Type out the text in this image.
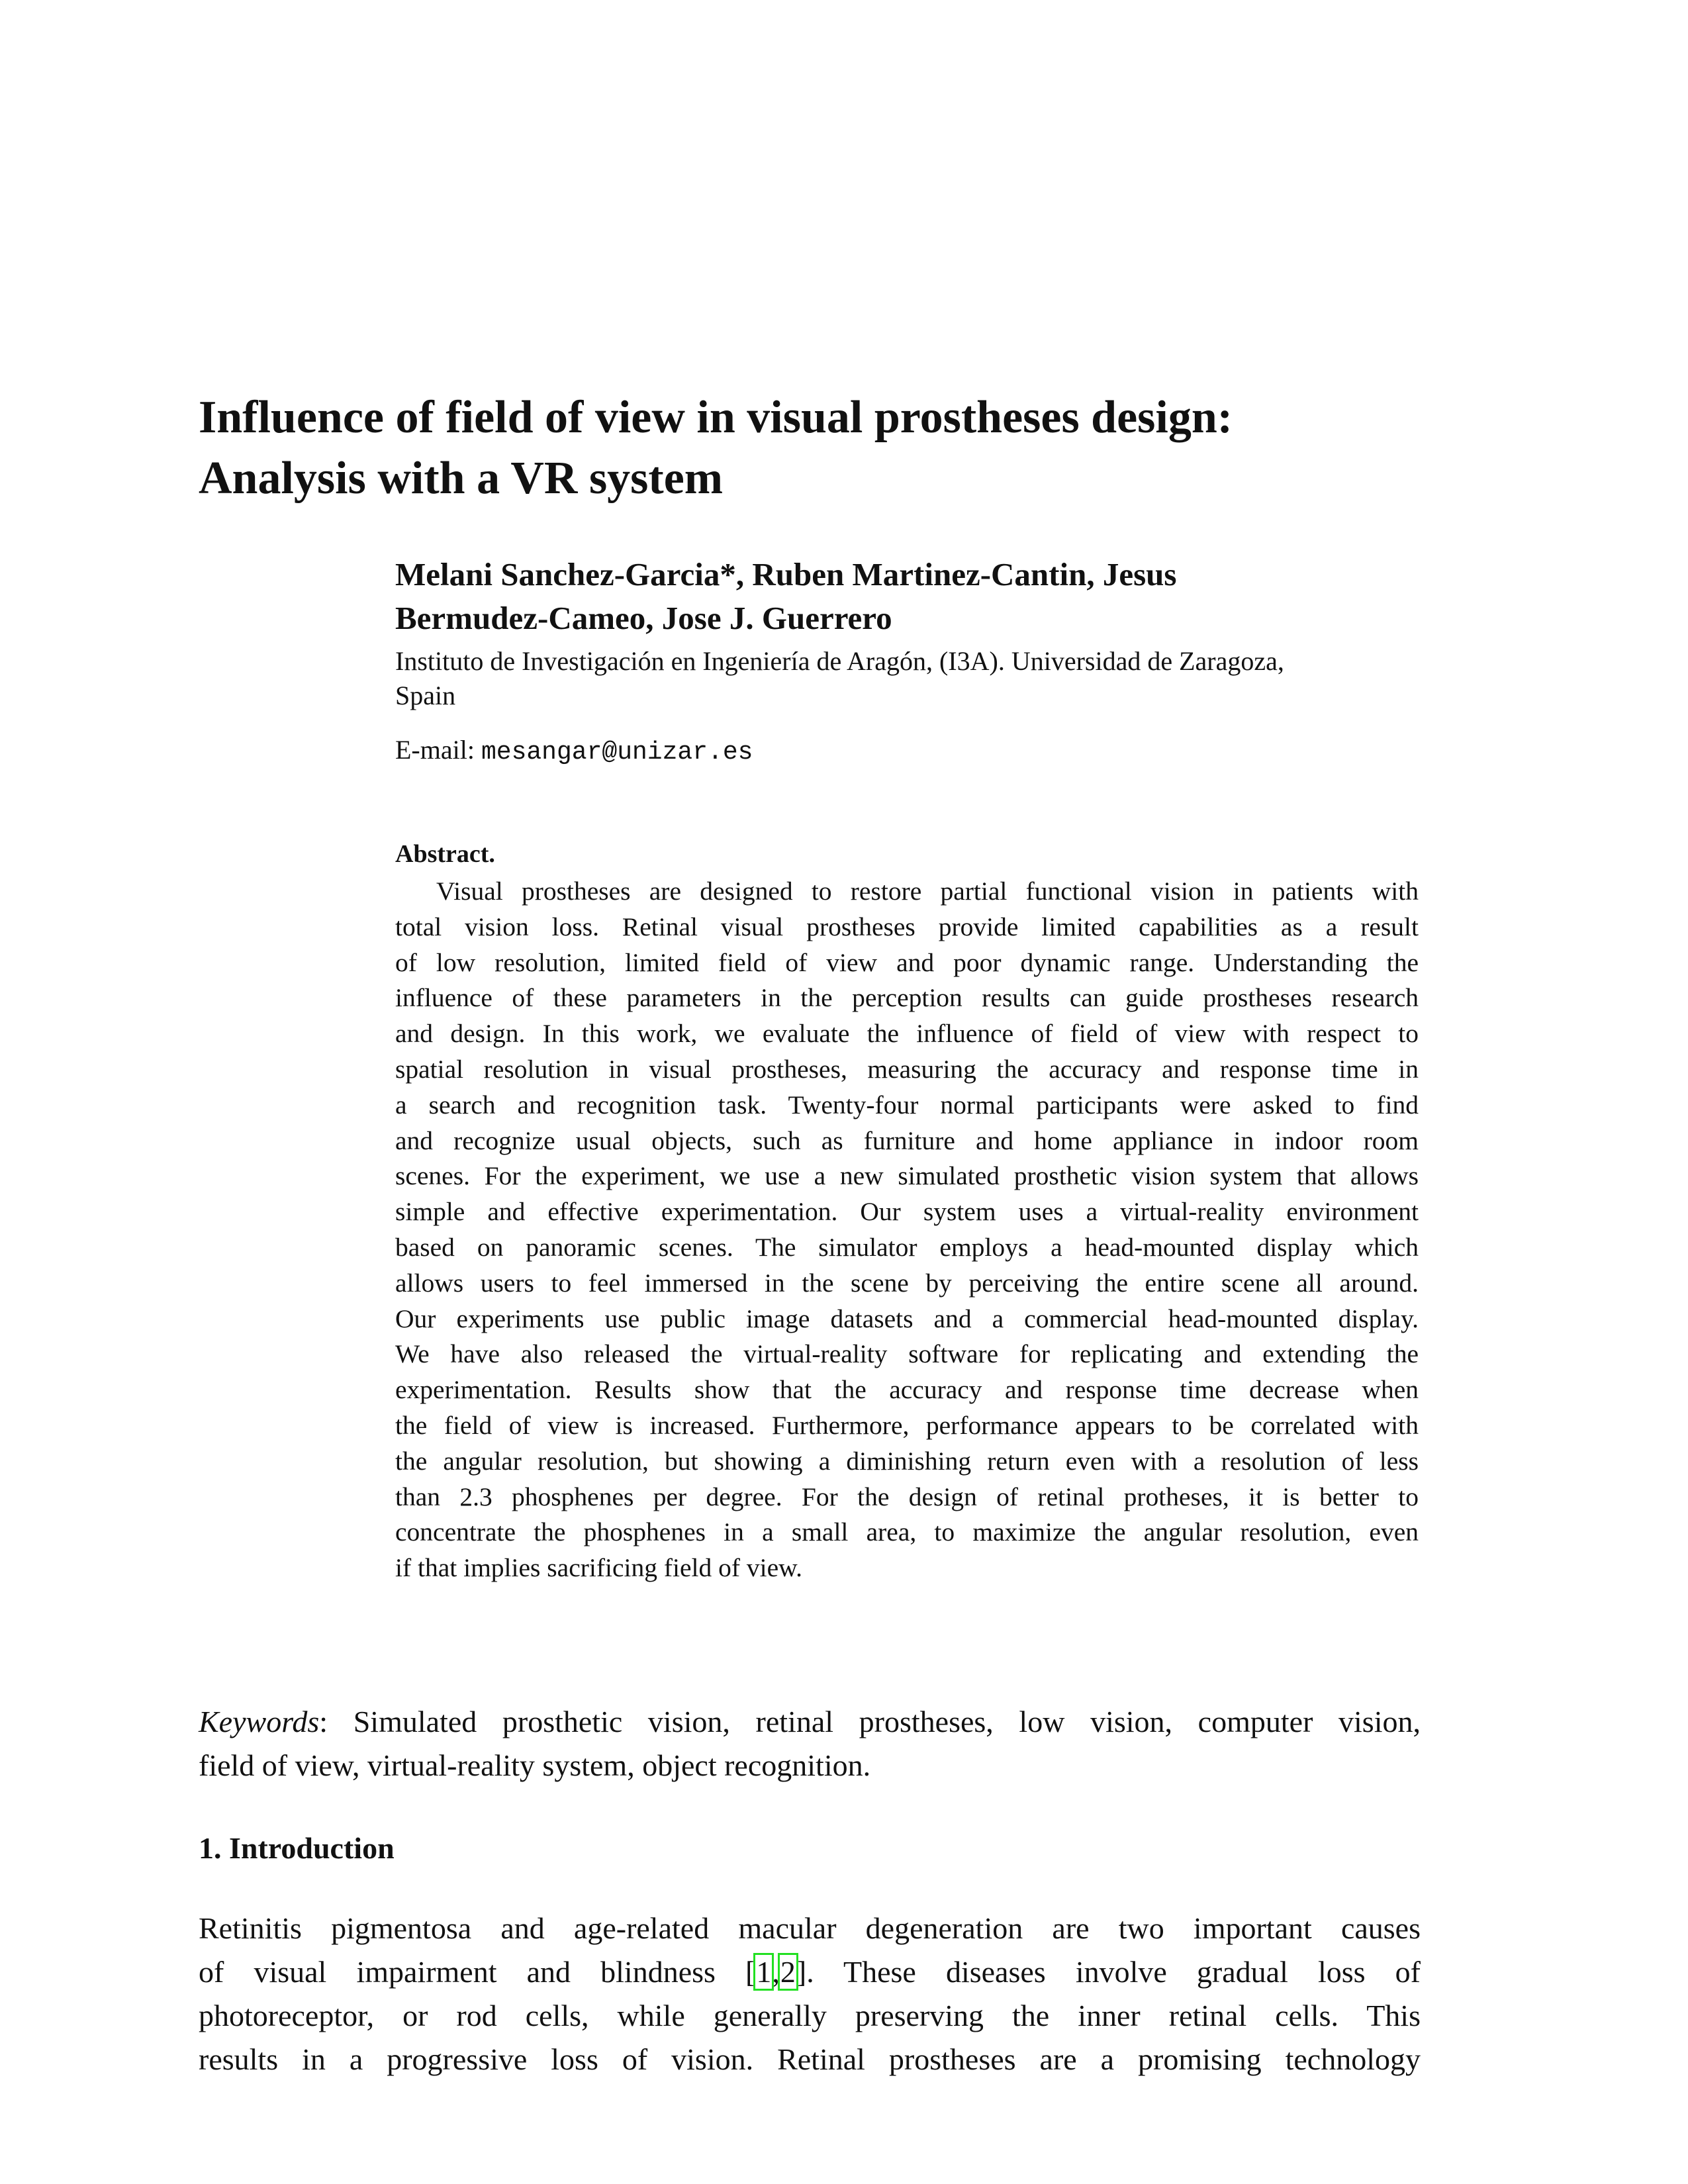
Influence of field of view in visual prostheses design:
Analysis with a VR system
Melani Sanchez-Garcia*, Ruben Martinez-Cantin, Jesus
Bermudez-Cameo, Jose J. Guerrero
Instituto de Investigación en Ingeniería de Aragón, (I3A). Universidad de Zaragoza,
Spain
E-mail: mesangar@unizar.es
Abstract.
Visual prostheses are designed to restore partial functional vision in patients with
total vision loss. Retinal visual prostheses provide limited capabilities as a result
of low resolution, limited field of view and poor dynamic range. Understanding the
influence of these parameters in the perception results can guide prostheses research
and design. In this work, we evaluate the influence of field of view with respect to
spatial resolution in visual prostheses, measuring the accuracy and response time in
a search and recognition task. Twenty-four normal participants were asked to find
and recognize usual objects, such as furniture and home appliance in indoor room
scenes. For the experiment, we use a new simulated prosthetic vision system that allows
simple and effective experimentation. Our system uses a virtual-reality environment
based on panoramic scenes. The simulator employs a head-mounted display which
allows users to feel immersed in the scene by perceiving the entire scene all around.
Our experiments use public image datasets and a commercial head-mounted display.
We have also released the virtual-reality software for replicating and extending the
experimentation. Results show that the accuracy and response time decrease when
the field of view is increased. Furthermore, performance appears to be correlated with
the angular resolution, but showing a diminishing return even with a resolution of less
than 2.3 phosphenes per degree. For the design of retinal protheses, it is better to
concentrate the phosphenes in a small area, to maximize the angular resolution, even
if that implies sacrificing field of view.
Keywords: Simulated prosthetic vision, retinal prostheses, low vision, computer vision,
field of view, virtual-reality system, object recognition.
1. Introduction
Retinitis pigmentosa and age-related macular degeneration are two important causes
of visual impairment and blindness [1,2]. These diseases involve gradual loss of
photoreceptor, or rod cells, while generally preserving the inner retinal cells. This
results in a progressive loss of vision. Retinal prostheses are a promising technology
